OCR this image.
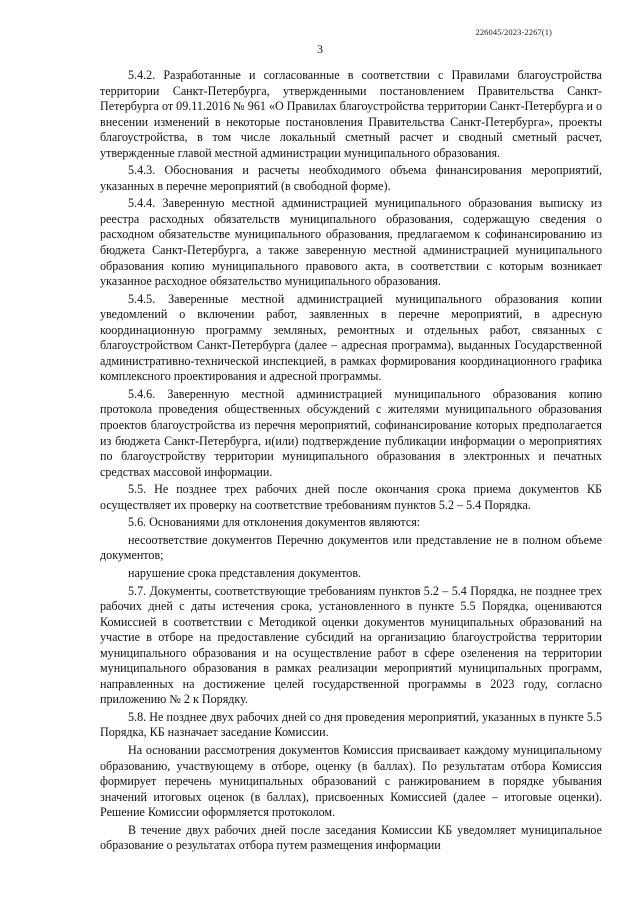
226045/2023-2267(1)
3

5.4.2. Разработанные и согласованные в соответствии с Правилами благоустройства территории Санкт-Петербурга, утвержденными постановлением Правительства Санкт-Петербурга от 09.11.2016 № 961 «О Правилах благоустройства территории Санкт-Петербурга и о внесении изменений в некоторые постановления Правительства Санкт-Петербурга», проекты благоустройства, в том числе локальный сметный расчет и сводный сметный расчет, утвержденные главой местной администрации муниципального образования.

5.4.3. Обоснования и расчеты необходимого объема финансирования мероприятий, указанных в перечне мероприятий (в свободной форме).

5.4.4. Заверенную местной администрацией муниципального образования выписку из реестра расходных обязательств муниципального образования, содержащую сведения о расходном обязательстве муниципального образования, предлагаемом к софинансированию из бюджета Санкт-Петербурга, а также заверенную местной администрацией муниципального образования копию муниципального правового акта, в соответствии с которым возникает указанное расходное обязательство муниципального образования.

5.4.5. Заверенные местной администрацией муниципального образования копии уведомлений о включении работ, заявленных в перечне мероприятий, в адресную координационную программу земляных, ремонтных и отдельных работ, связанных с благоустройством Санкт-Петербурга (далее – адресная программа), выданных Государственной административно-технической инспекцией, в рамках формирования координационного графика комплексного проектирования и адресной программы.

5.4.6. Заверенную местной администрацией муниципального образования копию протокола проведения общественных обсуждений с жителями муниципального образования проектов благоустройства из перечня мероприятий, софинансирование которых предполагается из бюджета Санкт-Петербурга, и(или) подтверждение публикации информации о мероприятиях по благоустройству территории муниципального образования в электронных и печатных средствах массовой информации.

5.5. Не позднее трех рабочих дней после окончания срока приема документов КБ осуществляет их проверку на соответствие требованиям пунктов 5.2 – 5.4 Порядка.

5.6. Основаниями для отклонения документов являются:

несоответствие документов Перечню документов или представление не в полном объеме документов;

нарушение срока представления документов.

5.7. Документы, соответствующие требованиям пунктов 5.2 – 5.4 Порядка, не позднее трех рабочих дней с даты истечения срока, установленного в пункте 5.5 Порядка, оцениваются Комиссией в соответствии с Методикой оценки документов муниципальных образований на участие в отборе на предоставление субсидий на организацию благоустройства территории муниципального образования и на осуществление работ в сфере озеленения на территории муниципального образования в рамках реализации мероприятий муниципальных программ, направленных на достижение целей государственной программы в 2023 году, согласно приложению № 2 к Порядку.

5.8. Не позднее двух рабочих дней со дня проведения мероприятий, указанных в пункте 5.5 Порядка, КБ назначает заседание Комиссии.

На основании рассмотрения документов Комиссия присваивает каждому муниципальному образованию, участвующему в отборе, оценку (в баллах). По результатам отбора Комиссия формирует перечень муниципальных образований с ранжированием в порядке убывания значений итоговых оценок (в баллах), присвоенных Комиссией (далее – итоговые оценки). Решение Комиссии оформляется протоколом.

В течение двух рабочих дней после заседания Комиссии КБ уведомляет муниципальное образование о результатах отбора путем размещения информации
